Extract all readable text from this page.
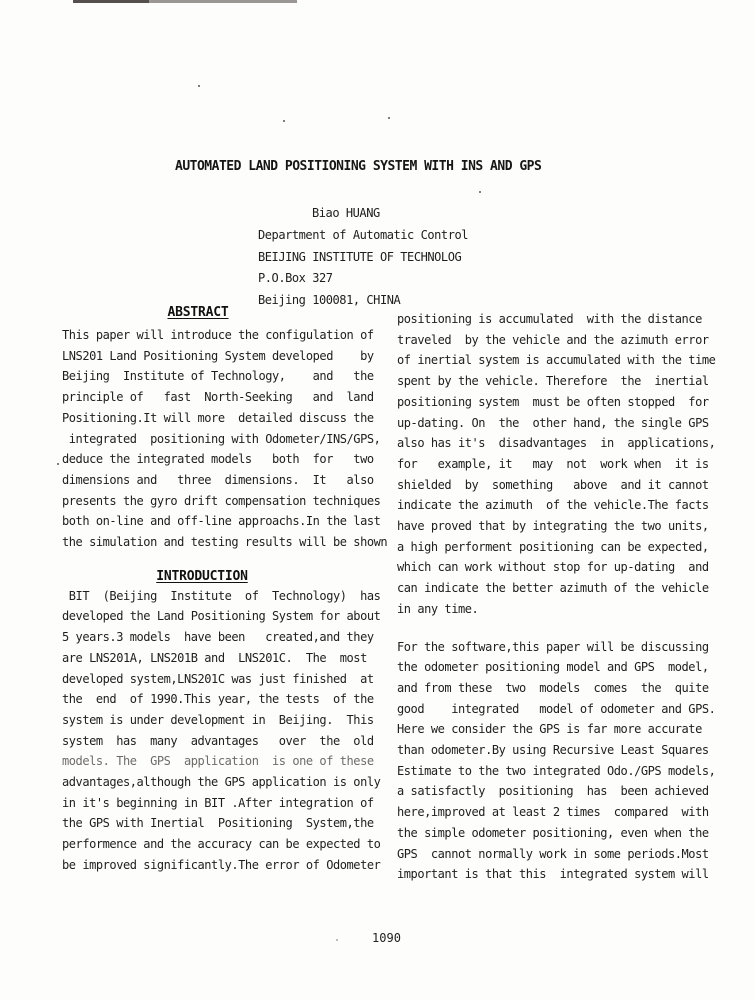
AUTOMATED LAND POSITIONING SYSTEM WITH INS AND GPS
Biao HUANG
Department of Automatic Control
BEIJING INSTITUTE OF TECHNOLOG
P.O.Box 327
Beijing 100081, CHINA
ABSTRACT
This paper will introduce the configulation of
LNS201 Land Positioning System developed    by
Beijing  Institute of Technology,    and   the
principle of   fast  North-Seeking   and  land
Positioning.It will more  detailed discuss the
integrated  positioning with Odometer/INS/GPS,
deduce the integrated models   both  for   two
dimensions and   three  dimensions.  It   also
presents the gyro drift compensation techniques
both on-line and off-line approachs.In the last
the simulation and testing results will be shown
INTRODUCTION
BIT  (Beijing  Institute  of  Technology)  has
developed the Land Positioning System for about
5 years.3 models  have been   created,and they
are LNS201A, LNS201B and  LNS201C.  The  most
developed system,LNS201C was just finished  at
the  end  of 1990.This year, the tests  of the
system is under development in  Beijing.  This
system  has  many  advantages   over  the  old
models. The  GPS  application  is one of these
advantages,although the GPS application is only
in it's beginning in BIT .After integration of
the GPS with Inertial  Positioning  System,the
performence and the accuracy can be expected to
be improved significantly.The error of Odometer
positioning is accumulated  with the distance
traveled  by the vehicle and the azimuth error
of inertial system is accumulated with the time
spent by the vehicle. Therefore  the  inertial
positioning system  must be often stopped  for
up-dating. On  the  other hand, the single GPS
also has it's  disadvantages  in  applications,
for   example, it   may  not  work when  it is
shielded  by  something   above  and it cannot
indicate the azimuth  of the vehicle.The facts
have proved that by integrating the two units,
a high performent positioning can be expected,
which can work without stop for up-dating  and
can indicate the better azimuth of the vehicle
in any time.
For the software,this paper will be discussing
the odometer positioning model and GPS  model,
and from these  two  models  comes  the  quite
good    integrated   model of odometer and GPS.
Here we consider the GPS is far more accurate
than odometer.By using Recursive Least Squares
Estimate to the two integrated Odo./GPS models,
a satisfactly  positioning  has  been achieved
here,improved at least 2 times  compared  with
the simple odometer positioning, even when the
GPS  cannot normally work in some periods.Most
important is that this  integrated system will
1090
